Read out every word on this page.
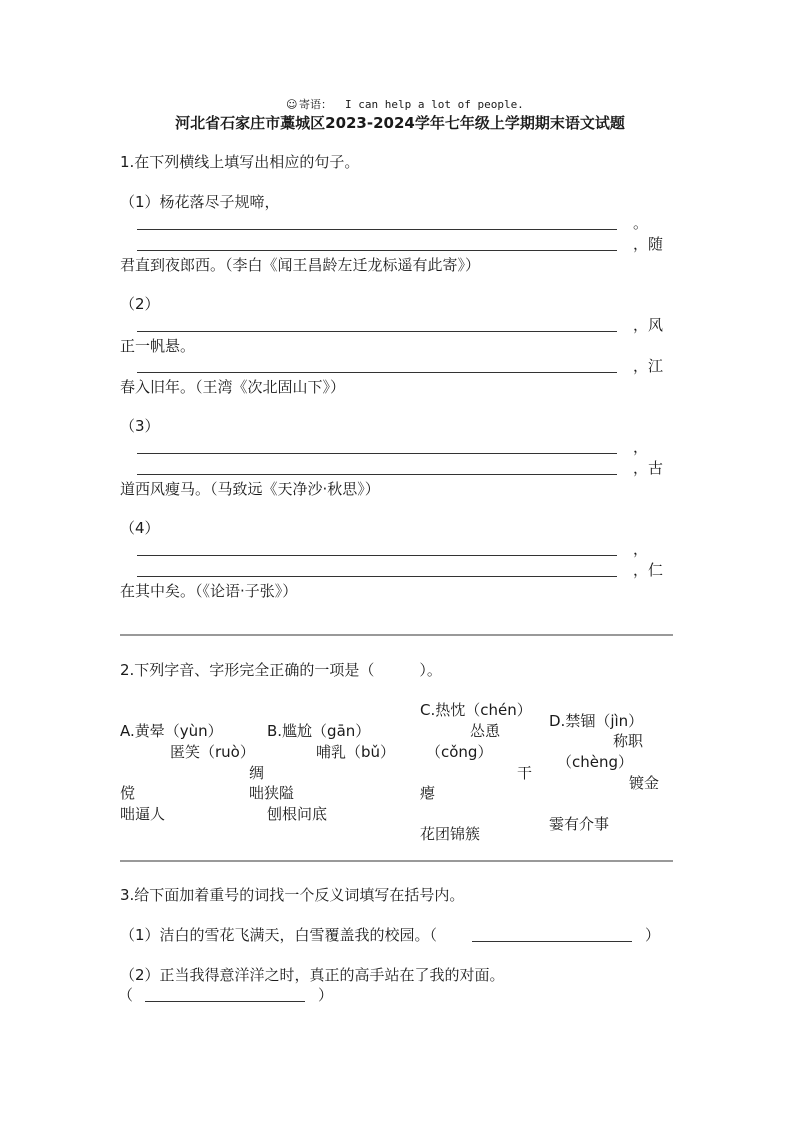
☺ 寄语： I can help a lot of people.
河北省石家庄市藁城区2023-2024学年七年级上学期期末语文试题
1.在下列横线上填写出相应的句子。
（1）杨花落尽子规啼，
。
，随
君直到夜郎西。（李白《闻王昌龄左迁龙标遥有此寄》）
（2）
，风
正一帆悬。
，江
春入旧年。（王湾《次北固山下》）
（3）
，
，古
道西风瘦马。（马致远《天净沙·秋思》）
（4）
，
，仁
在其中矣。（《论语·子张》）
2.下列字音、字形完全正确的一项是（　　　）。
A.黄晕（yùn）
匿笑（ruò）
傥
咄逼人
B.尴尬（gān）
哺乳（bǔ）
绸
咄狭隘
刨根问底
C.热忱（chén）
怂恿
（cǒng）
干
瘪
花团锦簇
D.禁锢（jìn）
称职
（chèng）
镀金
霎有介事
3.给下面加着重号的词找一个反义词填写在括号内。
（1）洁白的雪花飞满天，白雪覆盖我的校园。（	）
（2）正当我得意洋洋之时，真正的高手站在了我的对面。
（	）
